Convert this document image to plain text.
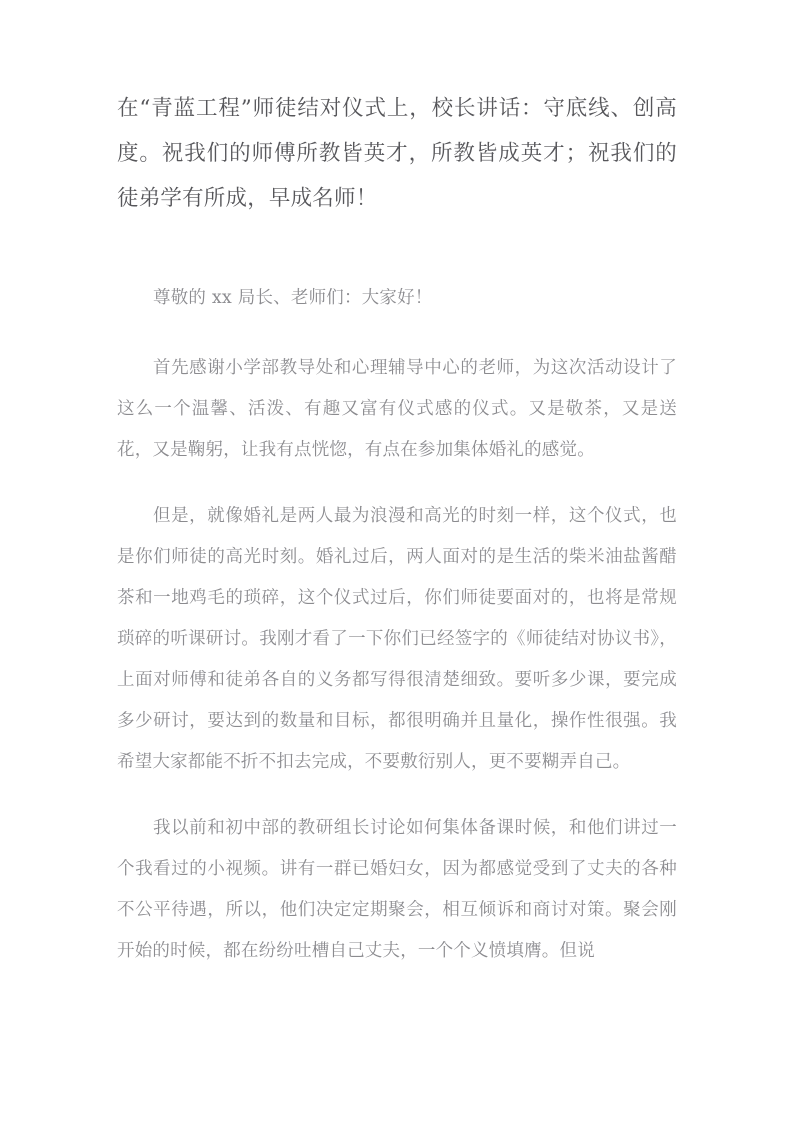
在“青蓝工程”师徒结对仪式上，校长讲话：守底线、创高度。祝我们的师傅所教皆英才，所教皆成英才；祝我们的徒弟学有所成，早成名师！

尊敬的 xx 局长、老师们：大家好！

首先感谢小学部教导处和心理辅导中心的老师，为这次活动设计了这么一个温馨、活泼、有趣又富有仪式感的仪式。又是敬茶，又是送花，又是鞠躬，让我有点恍惚，有点在参加集体婚礼的感觉。

但是，就像婚礼是两人最为浪漫和高光的时刻一样，这个仪式，也是你们师徒的高光时刻。婚礼过后，两人面对的是生活的柴米油盐酱醋茶和一地鸡毛的琐碎，这个仪式过后，你们师徒要面对的，也将是常规琐碎的听课研讨。我刚才看了一下你们已经签字的《师徒结对协议书》，上面对师傅和徒弟各自的义务都写得很清楚细致。要听多少课，要完成多少研讨，要达到的数量和目标，都很明确并且量化，操作性很强。我希望大家都能不折不扣去完成，不要敷衍别人，更不要糊弄自己。

我以前和初中部的教研组长讨论如何集体备课时候，和他们讲过一个我看过的小视频。讲有一群已婚妇女，因为都感觉受到了丈夫的各种不公平待遇，所以，他们决定定期聚会，相互倾诉和商讨对策。聚会刚开始的时候，都在纷纷吐槽自己丈夫，一个个义愤填膺。但说
